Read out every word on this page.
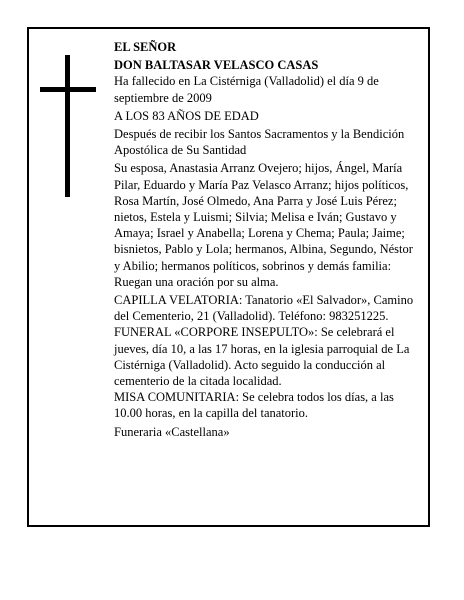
EL SEÑOR

DON BALTASAR VELASCO CASAS

Ha fallecido en La Cistérniga (Valladolid) el día 9 de septiembre de 2009

A LOS 83 AÑOS DE EDAD

Después de recibir los Santos Sacramentos y la Bendición Apostólica de Su Santidad

Su esposa, Anastasia Arranz Ovejero; hijos, Ángel, María Pilar, Eduardo y María Paz Velasco Arranz; hijos políticos, Rosa Martín, José Olmedo, Ana Parra y José Luis Pérez; nietos, Estela y Luismi; Silvia; Melisa e Iván; Gustavo y Amaya; Israel y Anabella; Lorena y Chema; Paula; Jaime; bisnietos, Pablo y Lola; hermanos, Albina, Segundo, Néstor y Abilio; hermanos políticos, sobrinos y demás familia:

Ruegan una oración por su alma.

CAPILLA VELATORIA: Tanatorio «El Salvador», Camino del Cementerio, 21 (Valladolid). Teléfono: 983251225.

FUNERAL «CORPORE INSEPULTO»: Se celebrará el jueves, día 10, a las 17 horas, en la iglesia parroquial de La Cistérniga (Valladolid). Acto seguido la conducción al cementerio de la citada localidad.

MISA COMUNITARIA: Se celebra todos los días, a las 10.00 horas, en la capilla del tanatorio.

Funeraria «Castellana»
